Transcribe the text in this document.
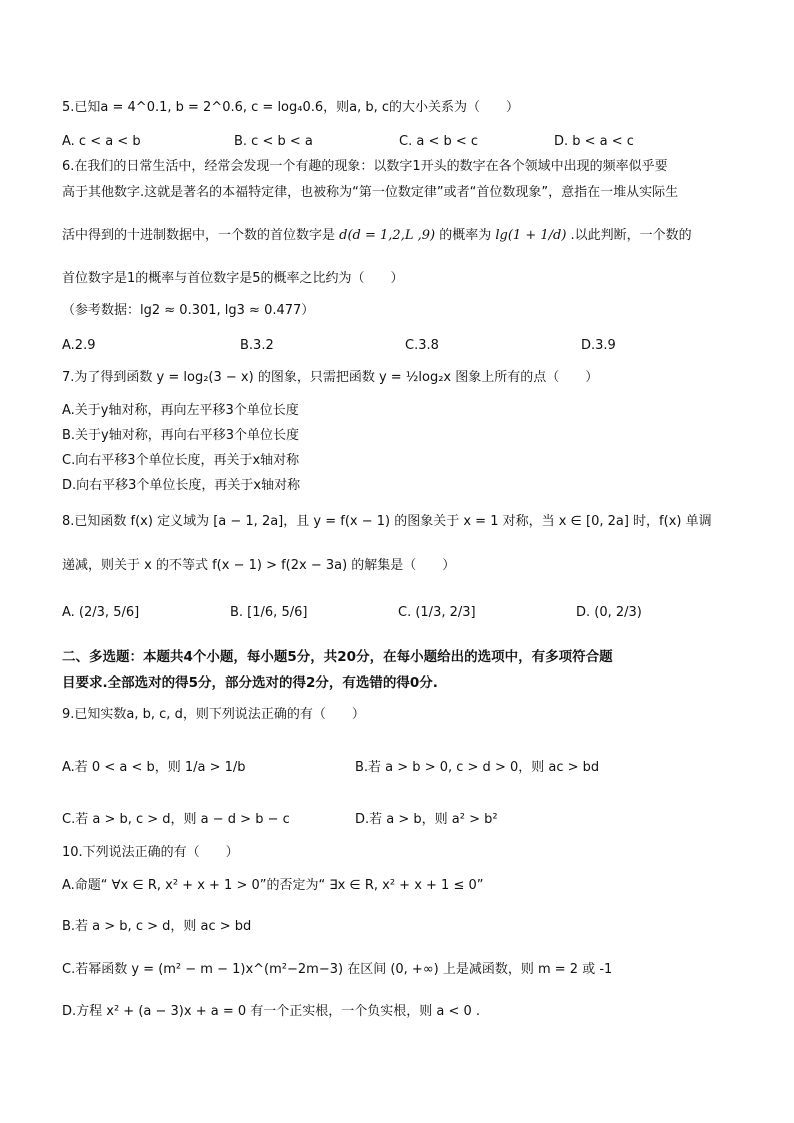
5.已知a = 4^0.1, b = 2^0.6, c = log₄0.6，则a, b, c的大小关系为（　　）
A. c < a < b	B. c < b < a	C. a < b < c	D. b < a < c
6.在我们的日常生活中，经常会发现一个有趣的现象：以数字1开头的数字在各个领域中出现的频率似乎要
高于其他数字.这就是著名的本福特定律，也被称为“第一位数定律”或者“首位数现象”，意指在一堆从实际生
活中得到的十进制数据中，一个数的首位数字是 d(d = 1,2,L ,9) 的概率为 lg(1 + 1/d) .以此判断，一个数的
首位数字是1的概率与首位数字是5的概率之比约为（　　）
（参考数据：lg2 ≈ 0.301, lg3 ≈ 0.477）
A.2.9	B.3.2	C.3.8	D.3.9
7.为了得到函数 y = log₂(3 − x) 的图象，只需把函数 y = ½log₂x 图象上所有的点（　　）
A.关于y轴对称，再向左平移3个单位长度
B.关于y轴对称，再向右平移3个单位长度
C.向右平移3个单位长度，再关于x轴对称
D.向右平移3个单位长度，再关于x轴对称
8.已知函数 f(x) 定义域为 [a − 1, 2a]，且 y = f(x − 1) 的图象关于 x = 1 对称，当 x ∈ [0, 2a] 时，f(x) 单调
递减，则关于 x 的不等式 f(x − 1) > f(2x − 3a) 的解集是（　　）
A. (2/3, 5/6]	B. [1/6, 5/6]	C. (1/3, 2/3]	D. (0, 2/3)
二、多选题：本题共4个小题，每小题5分，共20分，在每小题给出的选项中，有多项符合题
目要求.全部选对的得5分，部分选对的得2分，有选错的得0分.
9.已知实数a, b, c, d，则下列说法正确的有（　　）
A.若 0 < a < b，则 1/a > 1/b	B.若 a > b > 0, c > d > 0，则 ac > bd
C.若 a > b, c > d，则 a − d > b − c	D.若 a > b，则 a² > b²
10.下列说法正确的有（　　）
A.命题“ ∀x ∈ R, x² + x + 1 > 0”的否定为“ ∃x ∈ R, x² + x + 1 ≤ 0”
B.若 a > b, c > d，则 ac > bd
C.若幂函数 y = (m² − m − 1)x^(m²−2m−3) 在区间 (0, +∞) 上是减函数，则 m = 2 或 -1
D.方程 x² + (a − 3)x + a = 0 有一个正实根，一个负实根，则 a < 0 .
